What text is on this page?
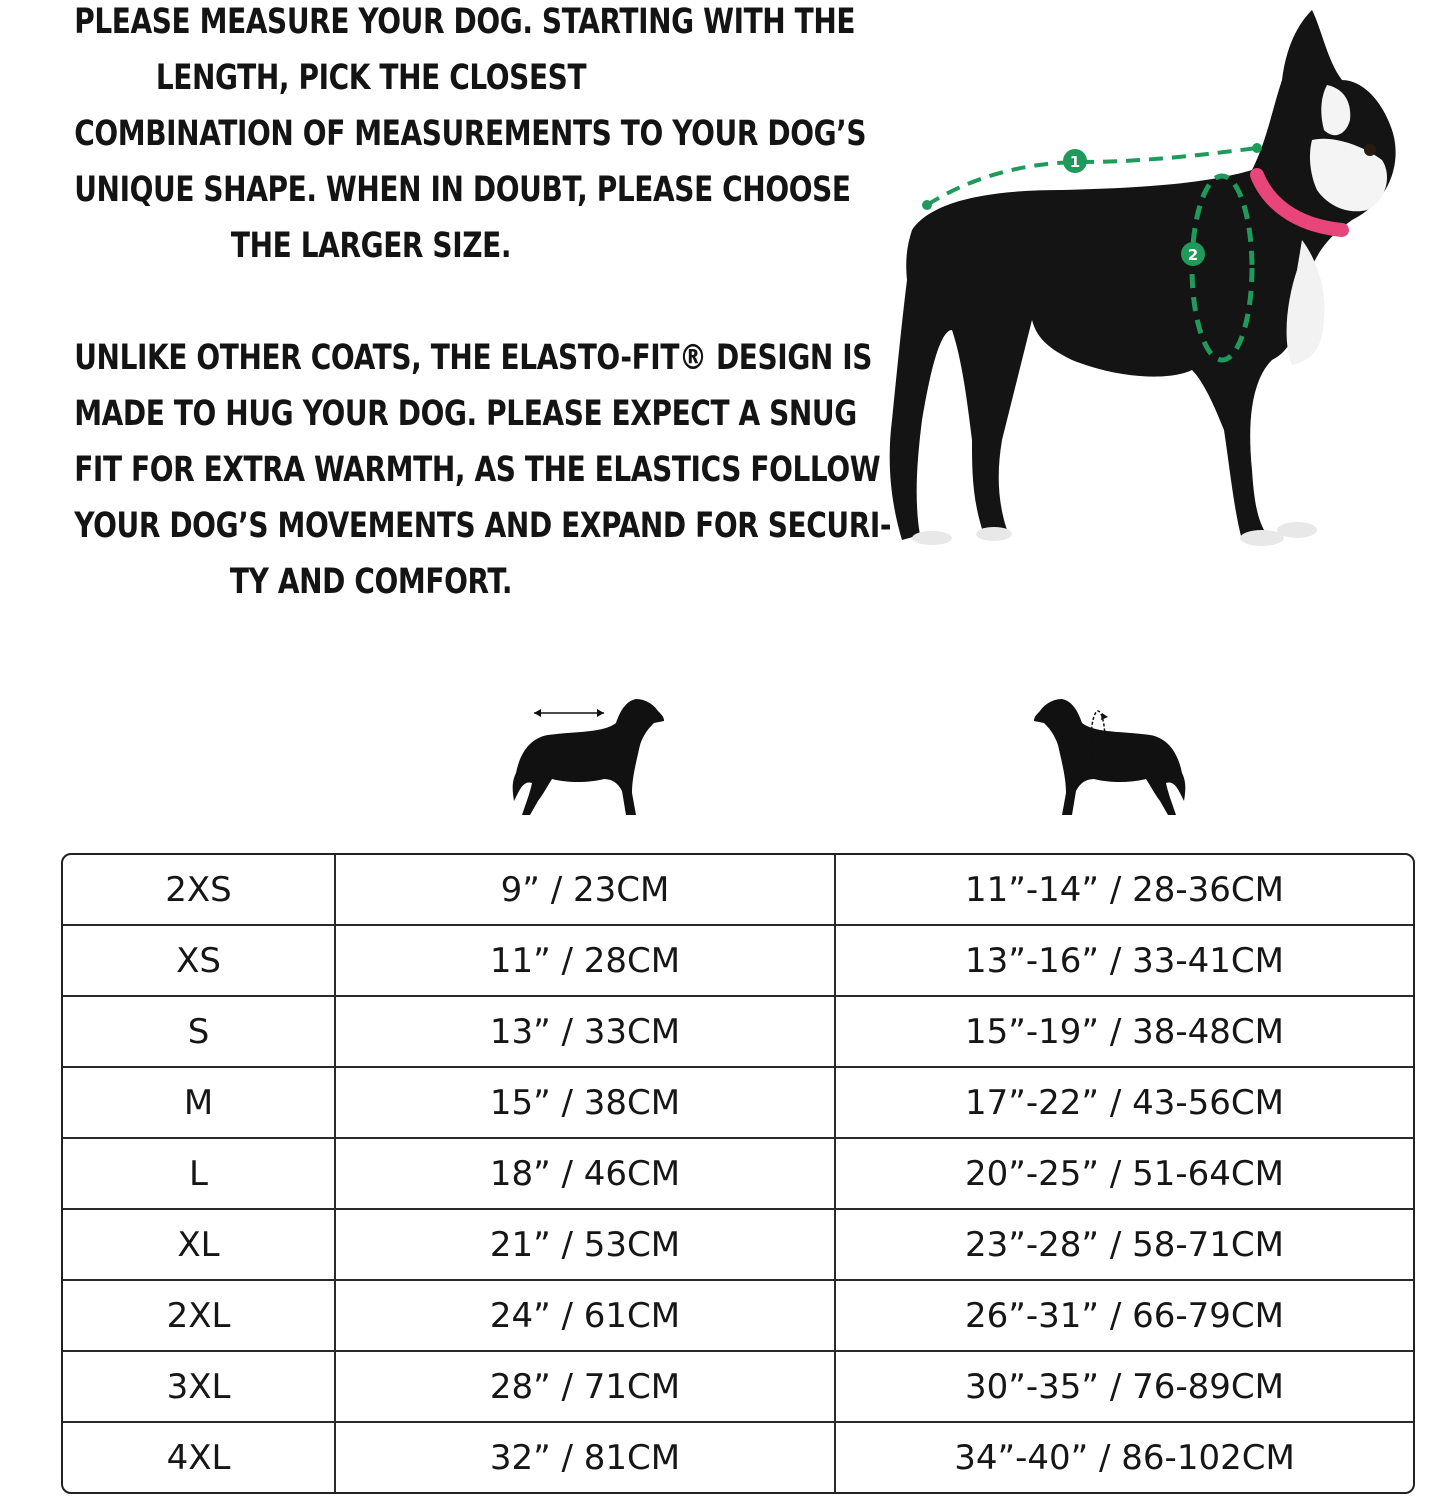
PLEASE MEASURE YOUR DOG. STARTING WITH THE

LENGTH, PICK THE CLOSEST

COMBINATION OF MEASUREMENTS TO YOUR DOG’S

UNIQUE SHAPE. WHEN IN DOUBT, PLEASE CHOOSE

THE LARGER SIZE.

UNLIKE OTHER COATS, THE ELASTO-FIT® DESIGN IS

MADE TO HUG YOUR DOG. PLEASE EXPECT A SNUG

FIT FOR EXTRA WARMTH, AS THE ELASTICS FOLLOW

YOUR DOG’S MOVEMENTS AND EXPAND FOR SECURI-

TY AND COMFORT.

1
2
2XS	9” / 23CM	11”-14” / 28-36CM
XS	11” / 28CM	13”-16” / 33-41CM
S	13” / 33CM	15”-19” / 38-48CM
M	15” / 38CM	17”-22” / 43-56CM
L	18” / 46CM	20”-25” / 51-64CM
XL	21” / 53CM	23”-28” / 58-71CM
2XL	24” / 61CM	26”-31” / 66-79CM
3XL	28” / 71CM	30”-35” / 76-89CM
4XL	32” / 81CM	34”-40” / 86-102CM
